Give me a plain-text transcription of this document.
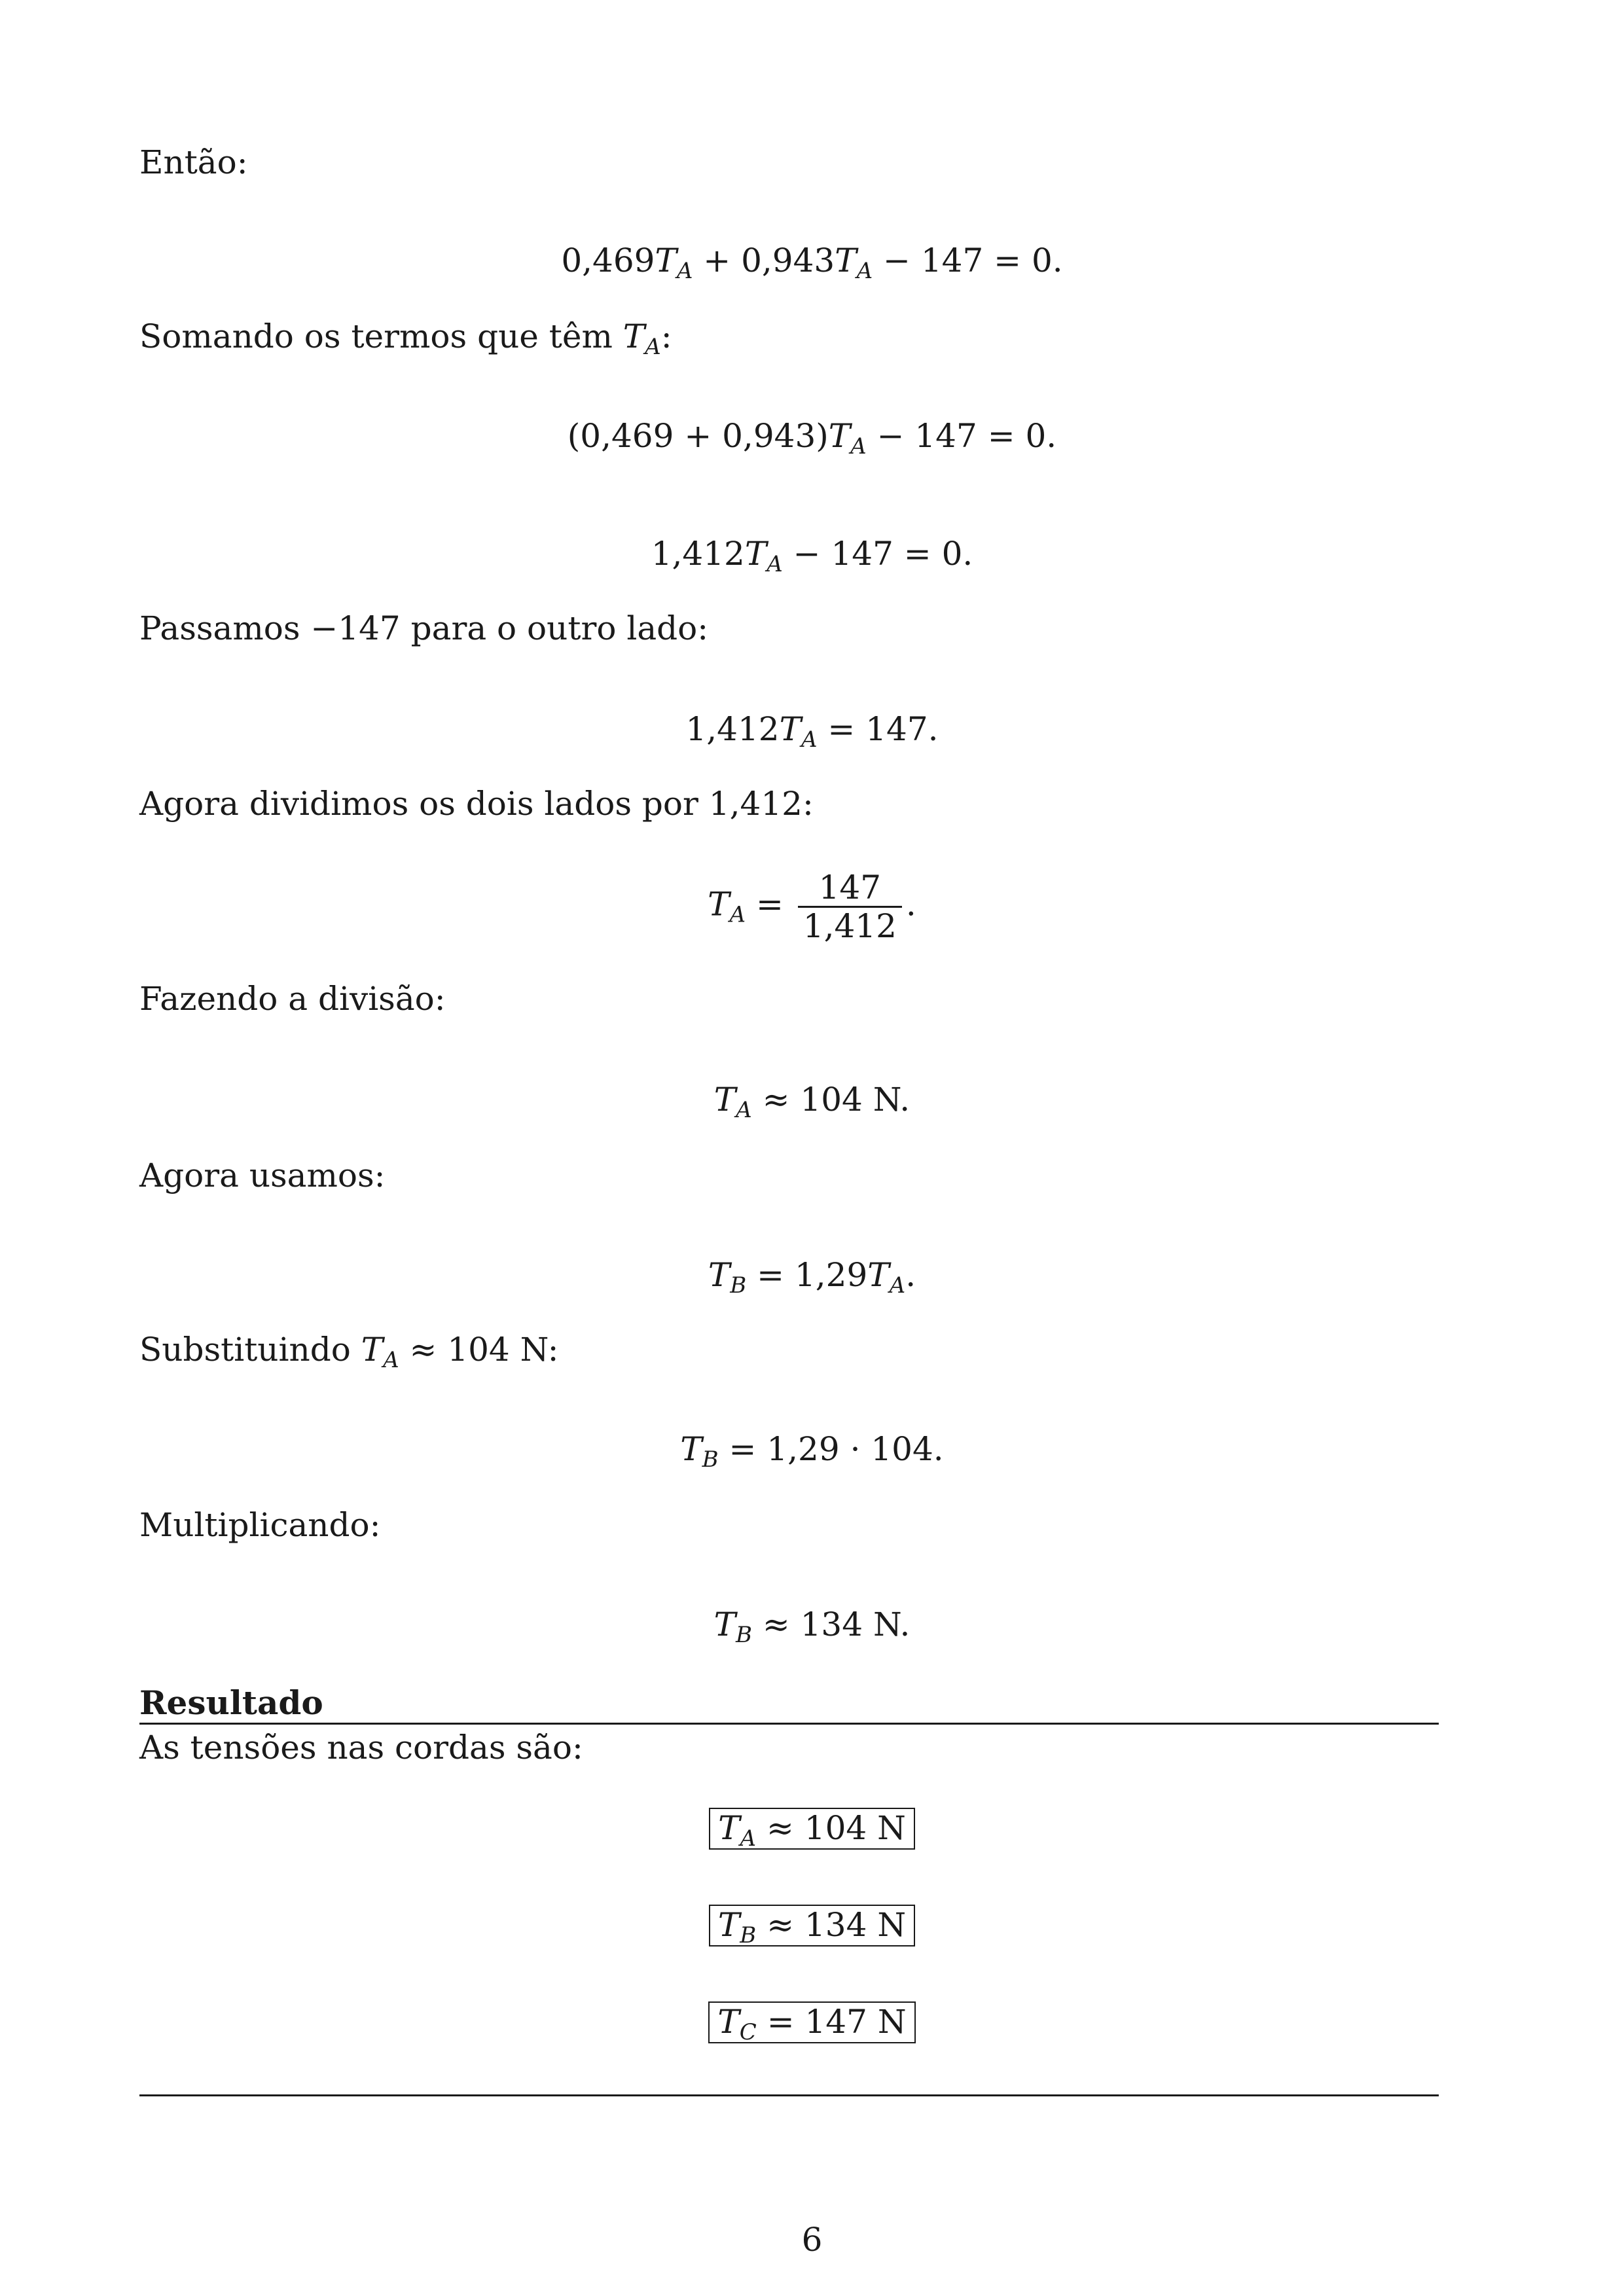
Então:
$0,469T_A + 0,943T_A - 147 = 0$.
Somando os termos que têm $T_A$:
$(0,469 + 0,943)T_A - 147 = 0$.
$1,412T_A - 147 = 0$.
Passamos −147 para o outro lado:
$1,412T_A = 147$.
Agora dividimos os dois lados por 1,412:
$T_A = \frac{147}{1,412}$ .
Fazendo a divisão:
$T_A \approx 104$ N.
Agora usamos:
$T_B = 1,29T_A$.
Substituindo $T_A \approx 104$ N:
$T_B = 1,29 \cdot 104$.
Multiplicando:
$T_B \approx 134$ N.
Resultado
As tensões nas cordas são:
$T_A \approx 104$ N
$T_B \approx 134$ N
$T_C = 147$ N
6
